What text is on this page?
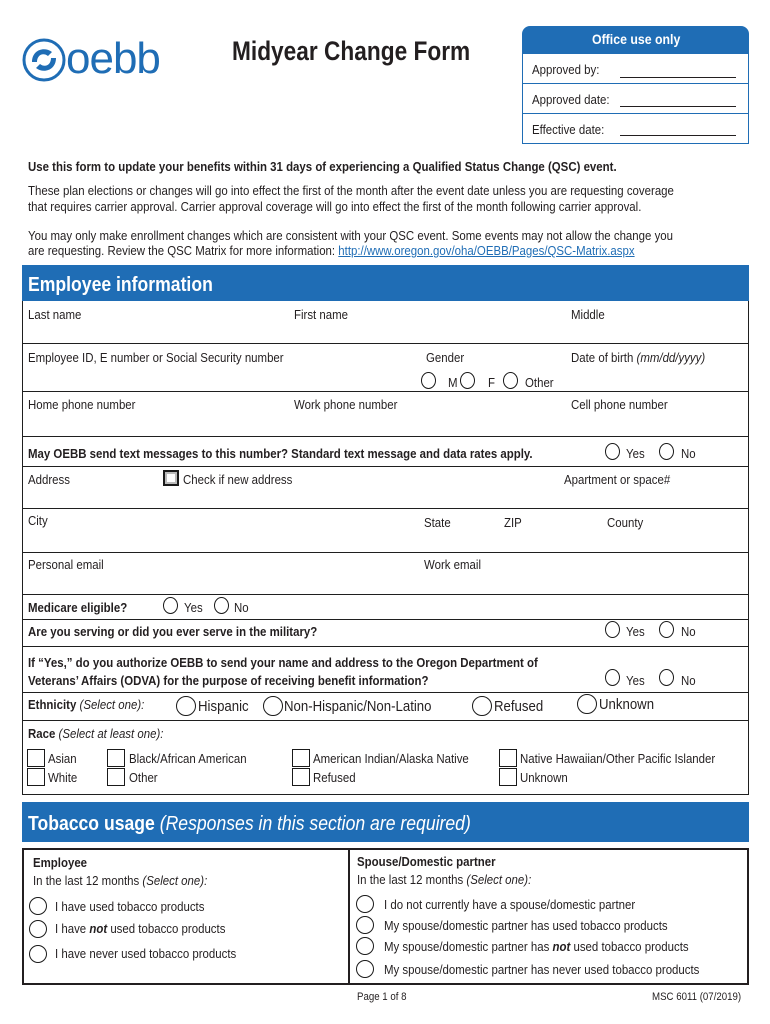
oebb	Midyear Change Form	Office use only
Approved by:
Approved date:
Effective date:
Use this form to update your benefits within 31 days of experiencing a Qualified Status Change (QSC) event.
These plan elections or changes will go into effect the first of the month after the event date unless you are requesting coverage
that requires carrier approval. Carrier approval coverage will go into effect the first of the month following carrier approval.
You may only make enrollment changes which are consistent with your QSC event. Some events may not allow the change you
are requesting. Review the QSC Matrix for more information: http://www.oregon.gov/oha/OEBB/Pages/QSC-Matrix.aspx
Employee information
Last name	First name	Middle
Employee ID, E number or Social Security number	Gender	Date of birth (mm/dd/yyyy)
M F Other
Home phone number	Work phone number	Cell phone number
May OEBB send text messages to this number? Standard text message and data rates apply.	Yes	No
Address	Check if new address	Apartment or space#
City	State	ZIP	County
Personal email	Work email
Medicare eligible?	Yes No
Are you serving or did you ever serve in the military?	Yes	No
If “Yes,” do you authorize OEBB to send your name and address to the Oregon Department of
Veterans’ Affairs (ODVA) for the purpose of receiving benefit information?	Yes	No
Ethnicity (Select one):	Hispanic Non-Hispanic/Non-Latino	Refused	Unknown
Race (Select at least one):
Asian
White
Black/African American
Other
American Indian/Alaska Native
Refused
Native Hawaiian/Other Pacific Islander
Unknown
Tobacco usage (Responses in this section are required)
Employee
In the last 12 months (Select one):
I have used tobacco products
I have not used tobacco products
I have never used tobacco products
Spouse/Domestic partner
In the last 12 months (Select one):
I do not currently have a spouse/domestic partner
My spouse/domestic partner has used tobacco products
My spouse/domestic partner has not used tobacco products
My spouse/domestic partner has never used tobacco products
Page 1 of 8	MSC 6011 (07/2019)
